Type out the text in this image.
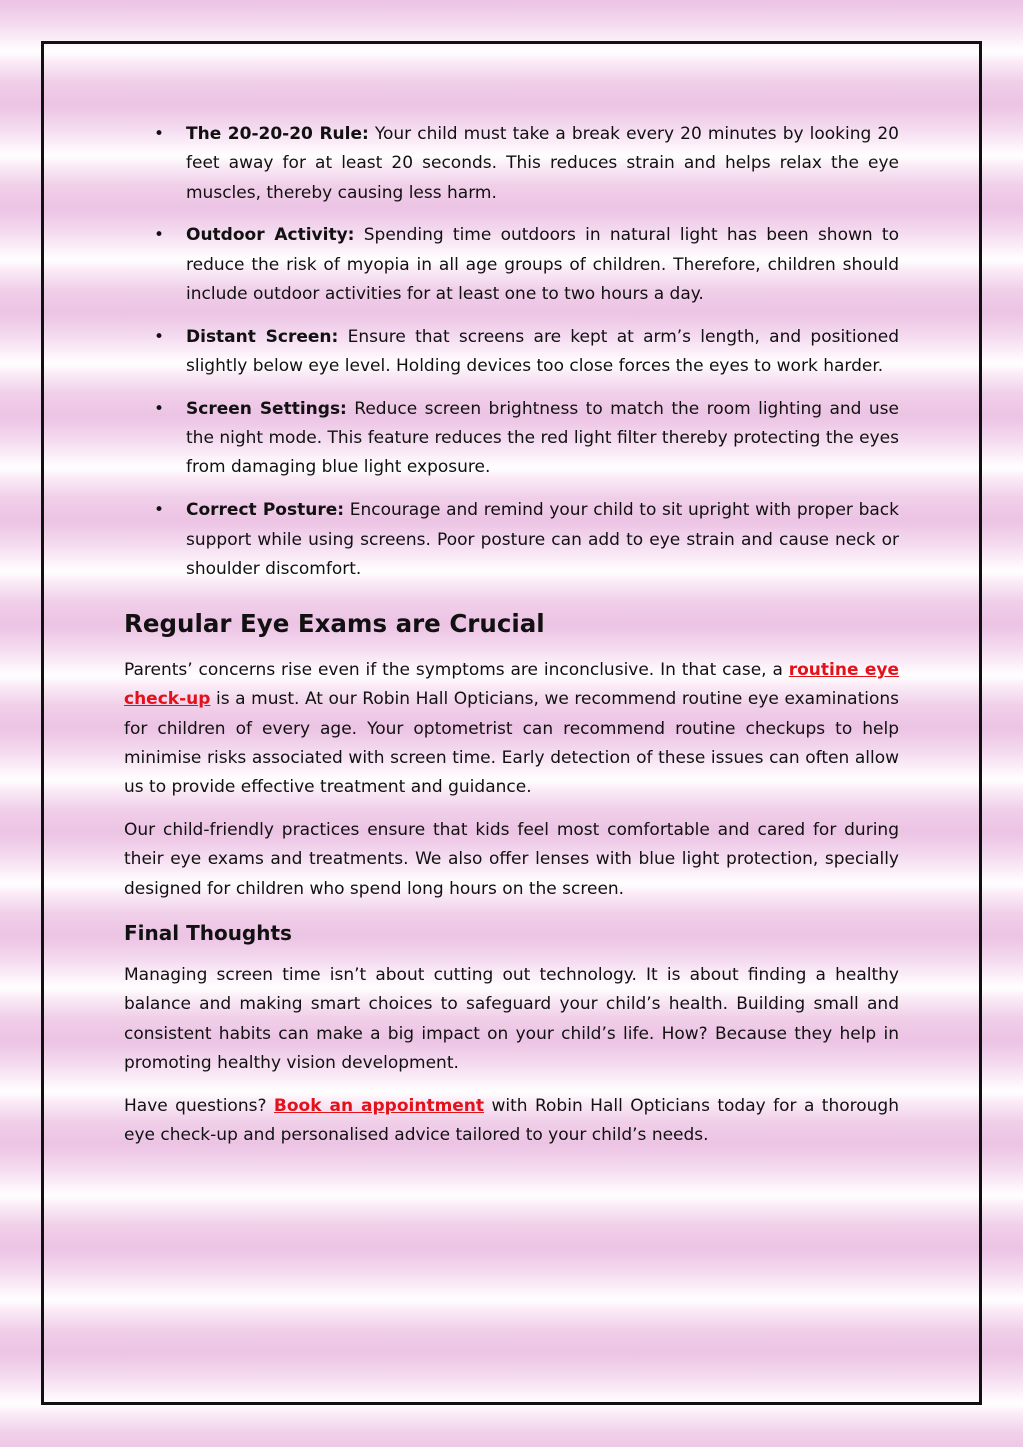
• The 20-20-20 Rule: Your child must take a break every 20 minutes by looking 20 feet away for at least 20 seconds. This reduces strain and helps relax the eye muscles, thereby causing less harm.
• Outdoor Activity: Spending time outdoors in natural light has been shown to reduce the risk of myopia in all age groups of children. Therefore, children should include outdoor activities for at least one to two hours a day.
• Distant Screen: Ensure that screens are kept at arm’s length, and positioned slightly below eye level. Holding devices too close forces the eyes to work harder.
• Screen Settings: Reduce screen brightness to match the room lighting and use the night mode. This feature reduces the red light filter thereby protecting the eyes from damaging blue light exposure.
• Correct Posture: Encourage and remind your child to sit upright with proper back support while using screens. Poor posture can add to eye strain and cause neck or shoulder discomfort.
Regular Eye Exams are Crucial

Parents’ concerns rise even if the symptoms are inconclusive. In that case, a routine eye check-up is a must. At our Robin Hall Opticians, we recommend routine eye examinations for children of every age. Your optometrist can recommend routine checkups to help minimise risks associated with screen time. Early detection of these issues can often allow us to provide effective treatment and guidance.

Our child-friendly practices ensure that kids feel most comfortable and cared for during their eye exams and treatments. We also offer lenses with blue light protection, specially designed for children who spend long hours on the screen.

Final Thoughts

Managing screen time isn’t about cutting out technology. It is about finding a healthy balance and making smart choices to safeguard your child’s health. Building small and consistent habits can make a big impact on your child’s life. How? Because they help in promoting healthy vision development.

Have questions? Book an appointment with Robin Hall Opticians today for a thorough eye check-up and personalised advice tailored to your child’s needs.
